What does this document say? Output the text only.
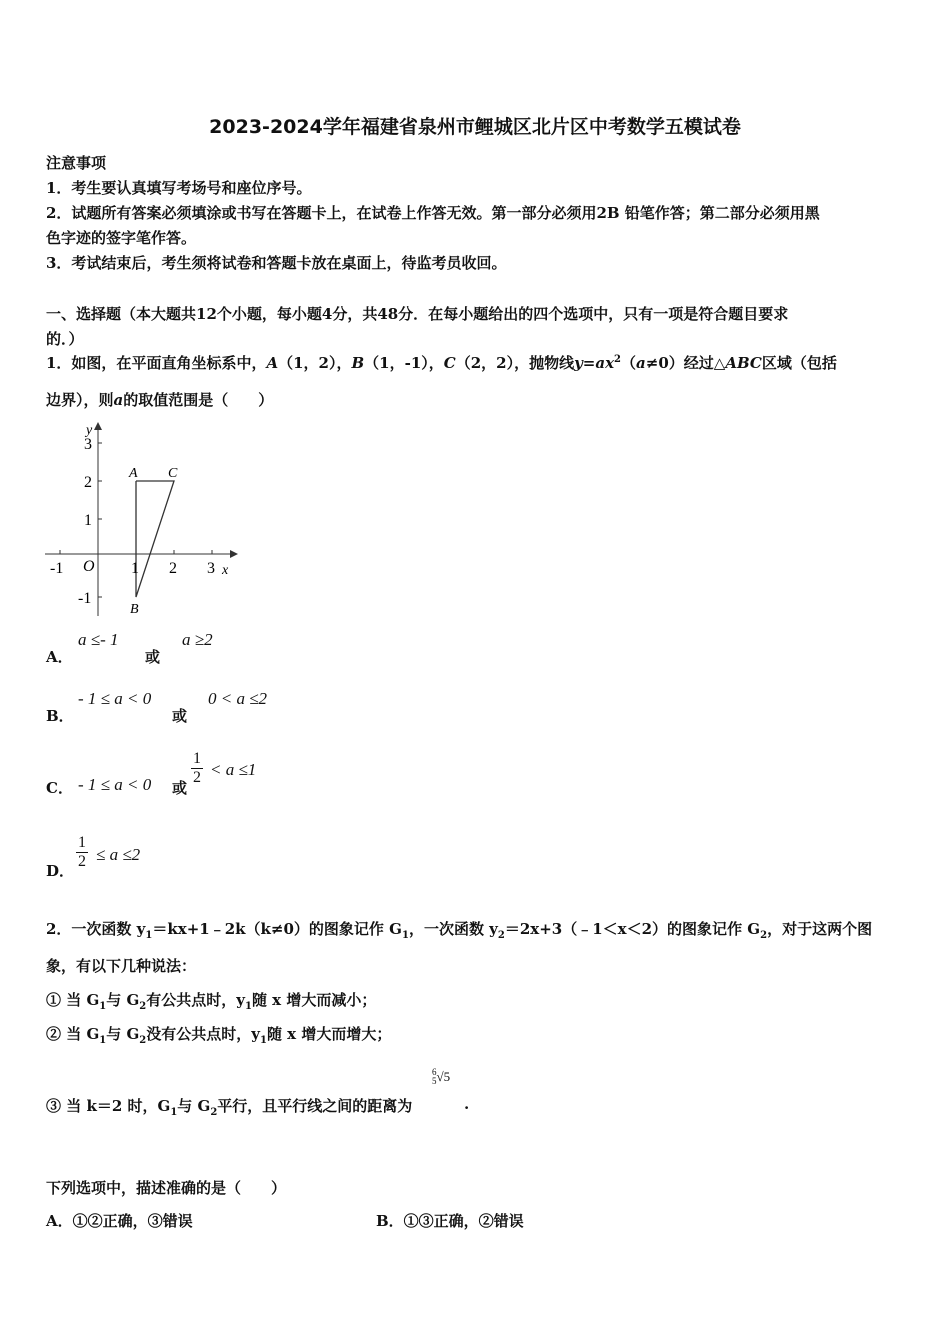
2023-2024学年福建省泉州市鲤城区北片区中考数学五模试卷
注意事项
1．考生要认真填写考场号和座位序号。
2．试题所有答案必须填涂或书写在答题卡上，在试卷上作答无效。第一部分必须用2B 铅笔作答；第二部分必须用黑
色字迹的签字笔作答。
3．考试结束后，考生须将试卷和答题卡放在桌面上，待监考员收回。
一、选择题（本大题共12个小题，每小题4分，共48分．在每小题给出的四个选项中，只有一项是符合题目要求
的．）
1．如图，在平面直角坐标系中，A（1，2），B（1，-1），C（2，2），抛物线$y=ax^2(a\ne 0)$经过△ABC区域（包括
边界），则a的取值范围是（　　）
y
x
O
-1	1 2 3
3
2
1
-1
A C
B
A．
a ≤- 1
或
a ≥2
B．
- 1 ≤ a < 0
或
0 < a ≤2
C． - 1 ≤ a < 0 或
$\frac{1}{2} < a \le 1$
D． $\frac{1}{2} \le a \le 2$
2．一次函数 $y_1=kx+1﹣2k(k\ne 0)$的图象记作 $G_1$，一次函数 $y_2=2x+3(﹣1<x<2)$的图象记作 $G_2$，对于这两个图
象，有以下几种说法：
① 当 $G_1$与 $G_2$有公共点时，$y_1$随 x 增大而减小；
② 当 $G_1$与 $G_2$没有公共点时，$y_1$随 x 增大而增大；
6
5 √5
③ 当 k＝2 时，$G_1$与 $G_2$平行，且平行线之间的距离为	.
下列选项中，描述准确的是（　　）
A．①②正确，③错误	B．①③正确，②错误
